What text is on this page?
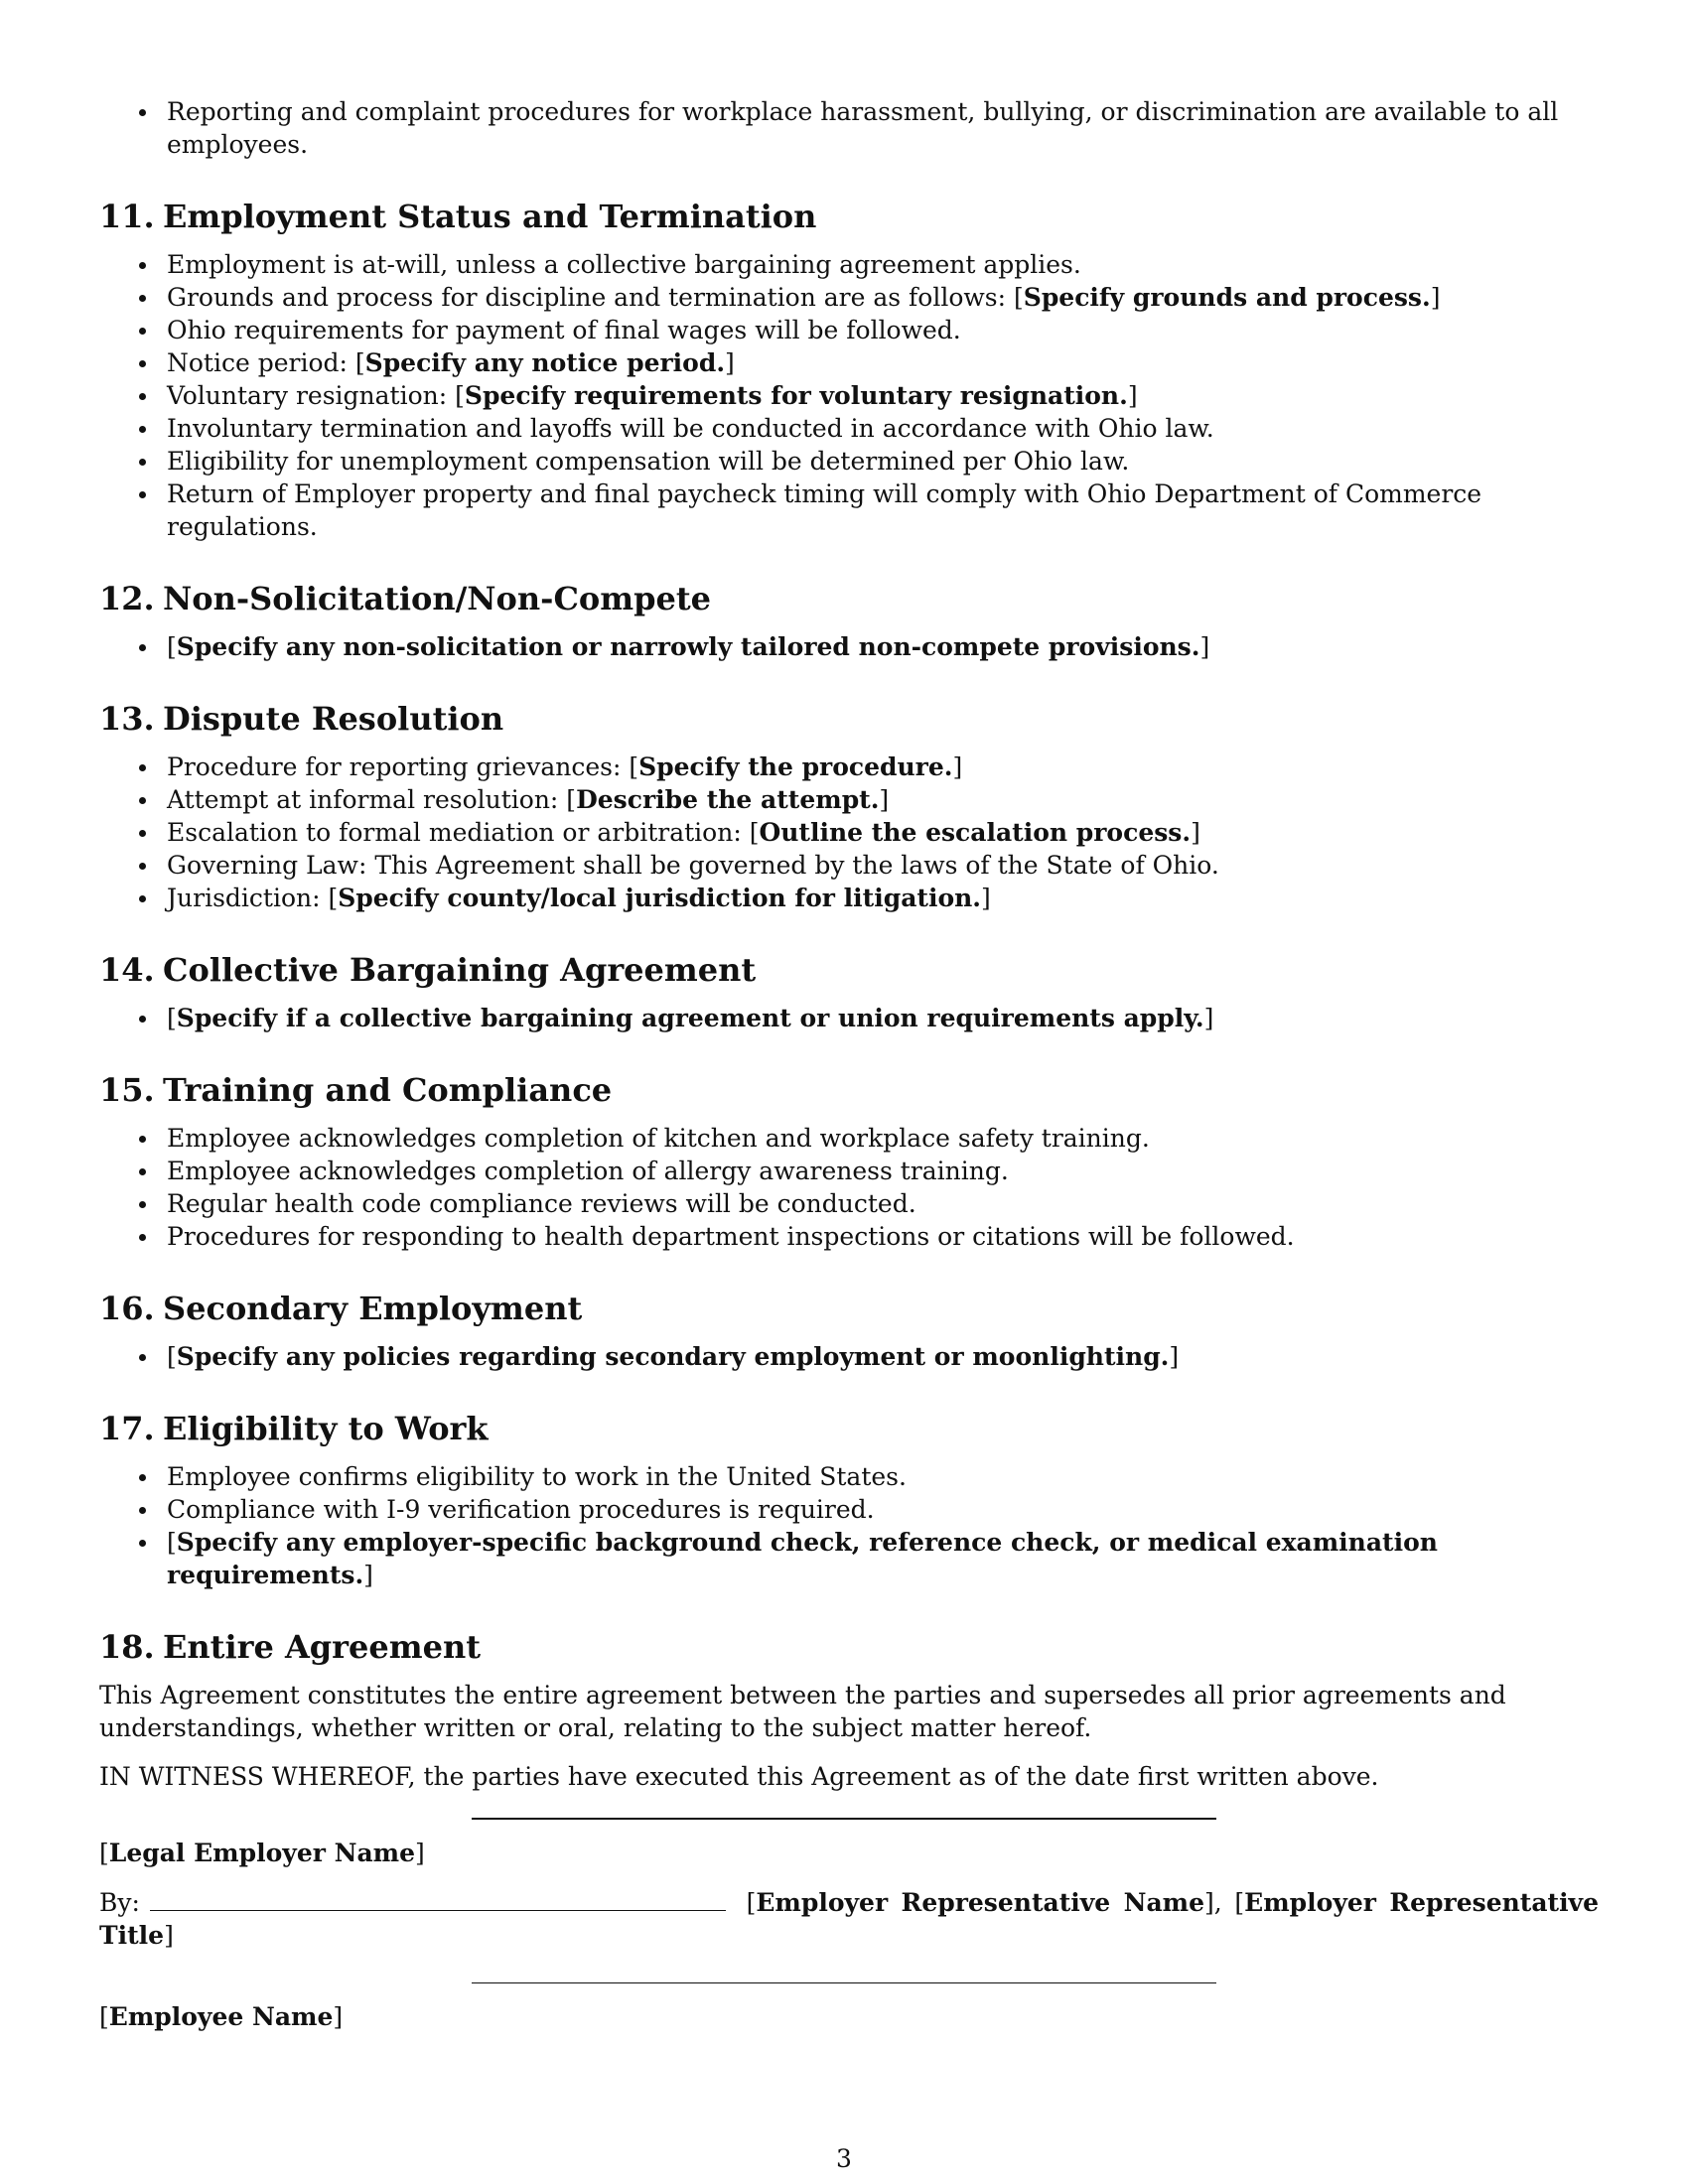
Reporting and complaint procedures for workplace harassment, bullying, or discrimination are available to all employees.
11. Employment Status and Termination
Employment is at-will, unless a collective bargaining agreement applies.
Grounds and process for discipline and termination are as follows: [Specify grounds and process.]
Ohio requirements for payment of final wages will be followed.
Notice period: [Specify any notice period.]
Voluntary resignation: [Specify requirements for voluntary resignation.]
Involuntary termination and layoffs will be conducted in accordance with Ohio law.
Eligibility for unemployment compensation will be determined per Ohio law.
Return of Employer property and final paycheck timing will comply with Ohio Department of Commerce regulations.
12. Non-Solicitation/Non-Compete
[Specify any non-solicitation or narrowly tailored non-compete provisions.]
13. Dispute Resolution
Procedure for reporting grievances: [Specify the procedure.]
Attempt at informal resolution: [Describe the attempt.]
Escalation to formal mediation or arbitration: [Outline the escalation process.]
Governing Law: This Agreement shall be governed by the laws of the State of Ohio.
Jurisdiction: [Specify county/local jurisdiction for litigation.]
14. Collective Bargaining Agreement
[Specify if a collective bargaining agreement or union requirements apply.]
15. Training and Compliance
Employee acknowledges completion of kitchen and workplace safety training.
Employee acknowledges completion of allergy awareness training.
Regular health code compliance reviews will be conducted.
Procedures for responding to health department inspections or citations will be followed.
16. Secondary Employment
[Specify any policies regarding secondary employment or moonlighting.]
17. Eligibility to Work
Employee confirms eligibility to work in the United States.
Compliance with I-9 verification procedures is required.
[Specify any employer-specific background check, reference check, or medical examination requirements.]
18. Entire Agreement

This Agreement constitutes the entire agreement between the parties and supersedes all prior agreements and understandings, whether written or oral, relating to the subject matter hereof.

IN WITNESS WHEREOF, the parties have executed this Agreement as of the date first written above.

[Legal Employer Name]
By:	[Employer Representative Name], [Employer Representative Title]
[Employee Name]
3
